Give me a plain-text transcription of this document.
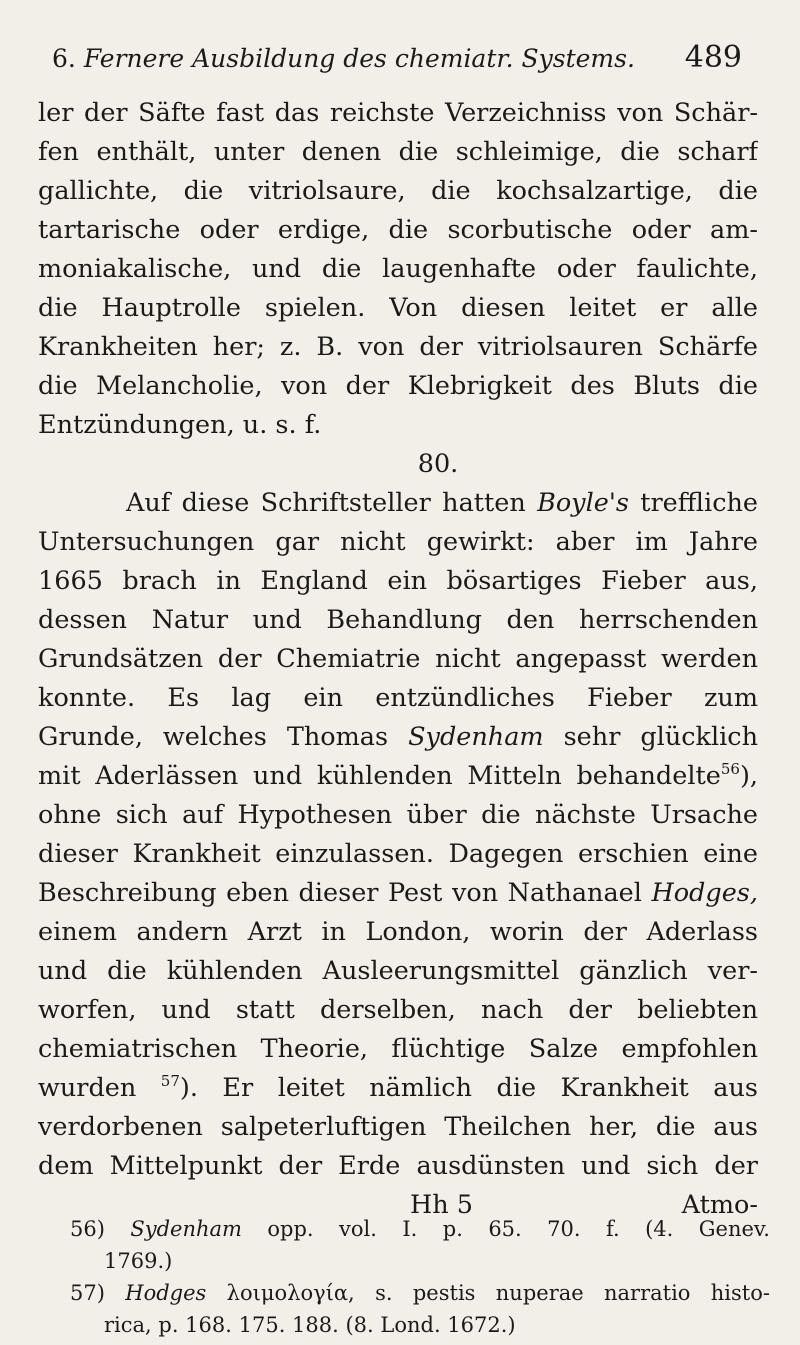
6. Fernere Ausbildung des chemiatr. Systems. 489
ler der Säfte fast das reichste Verzeichniss von Schär-
fen enthält, unter denen die schleimige, die scharf
gallichte, die vitriolsaure, die kochsalzartige, die
tartarische oder erdige, die scorbutische oder am-
moniakalische, und die laugenhafte oder faulichte,
die Hauptrolle spielen. Von diesen leitet er alle
Krankheiten her; z. B. von der vitriolsauren Schärfe
die Melancholie, von der Klebrigkeit des Bluts die
Entzündungen, u. s. f.
80.
Auf diese Schriftsteller hatten Boyle's treffliche
Untersuchungen gar nicht gewirkt: aber im Jahre
1665 brach in England ein bösartiges Fieber aus,
dessen Natur und Behandlung den herrschenden
Grundsätzen der Chemiatrie nicht angepasst werden
konnte. Es lag ein entzündliches Fieber zum
Grunde, welches Thomas Sydenham sehr glücklich
mit Aderlässen und kühlenden Mitteln behandelte$^{56}$),
ohne sich auf Hypothesen über die nächste Ursache
dieser Krankheit einzulassen. Dagegen erschien eine
Beschreibung eben dieser Pest von Nathanael Hodges,
einem andern Arzt in London, worin der Aderlass
und die kühlenden Ausleerungsmittel gänzlich ver-
worfen, und statt derselben, nach der beliebten
chemiatrischen Theorie, flüchtige Salze empfohlen
wurden $^{57}$). Er leitet nämlich die Krankheit aus
verdorbenen salpeterluftigen Theilchen her, die aus
dem Mittelpunkt der Erde ausdünsten und sich der
Hh 5	Atmo-
56) Sydenham opp. vol. I. p. 65. 70. f. (4. Genev.
1769.)
57) Hodges λοιμολογία, s. pestis nuperae narratio histo-
rica, p. 168. 175. 188. (8. Lond. 1672.)
